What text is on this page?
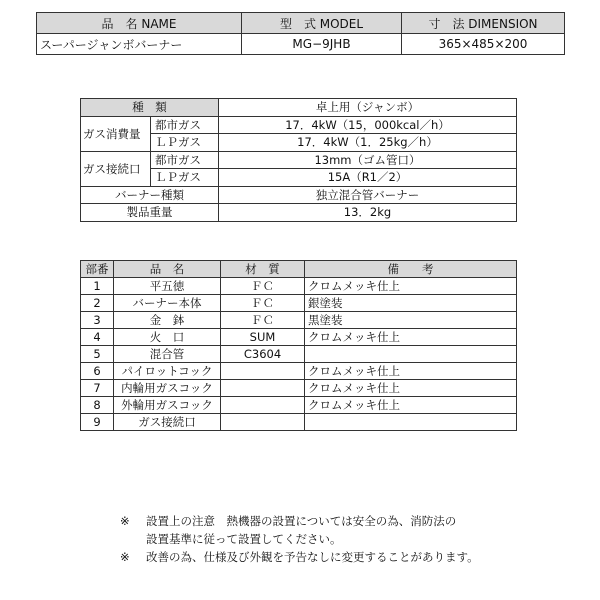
品　名 NAME	型　式 MODEL	寸　法 DIMENSION
スーパージャンボバーナー	MG−9JHB	365×485×200
種　類		卓上用（ジャンボ）
ガス消費量	都市ガス	17．4kW（15，000kcal／h）
	ＬＰガス	17．4kW（1．25kg／h）
ガス接続口	都市ガス	13mm（ゴム管口）
	ＬＰガス	15A（R1／2）
バーナー種類		独立混合管バーナー
製品重量		13．2kg
部番	品　名	材　質	備　　考
1	平五徳	ＦＣ	クロムメッキ仕上
2	バーナー本体	ＦＣ	銀塗装
3	金　鉢	ＦＣ	黒塗装
4	火　口	SUM	クロムメッキ仕上
5	混合管	C3604	
6	パイロットコック		クロムメッキ仕上
7	内輪用ガスコック		クロムメッキ仕上
8	外輪用ガスコック		クロムメッキ仕上
9	ガス接続口		
※	設置上の注意　熱機器の設置については安全の為、消防法の
設置基準に従って設置してください。
※	改善の為、仕様及び外観を予告なしに変更することがあります。
